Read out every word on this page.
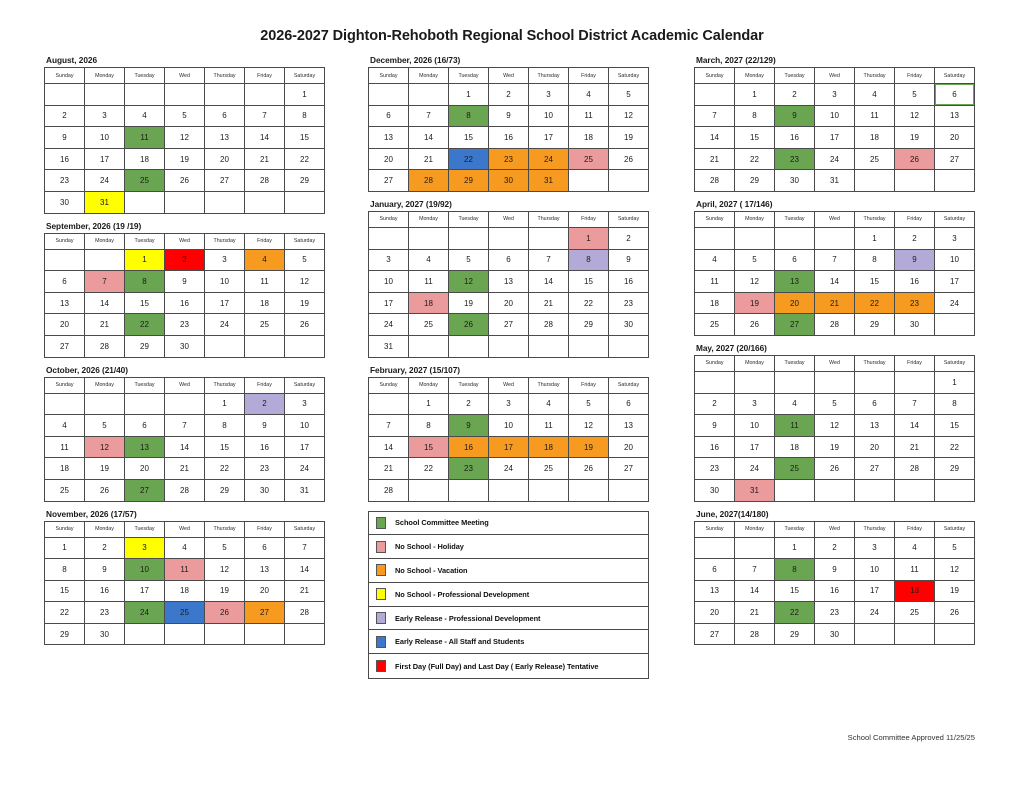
2026-2027 Dighton-Rehoboth Regional School District Academic Calendar
August, 2026
Sunday	Monday	Tuesday	Wed	Thursday	Friday	Saturday
						1
2	3	4	5	6	7	8
9	10	11	12	13	14	15
16	17	18	19	20	21	22
23	24	25	26	27	28	29
30	31					
September, 2026 (19 /19)
Sunday	Monday	Tuesday	Wed	Thursday	Friday	Saturday
		1	2	3	4	5
6	7	8	9	10	11	12
13	14	15	16	17	18	19
20	21	22	23	24	25	26
27	28	29	30			
October, 2026 (21/40)
Sunday	Monday	Tuesday	Wed	Thursday	Friday	Saturday
				1	2	3
4	5	6	7	8	9	10
11	12	13	14	15	16	17
18	19	20	21	22	23	24
25	26	27	28	29	30	31
November, 2026 (17/57)
Sunday	Monday	Tuesday	Wed	Thursday	Friday	Saturday
1	2	3	4	5	6	7
8	9	10	11	12	13	14
15	16	17	18	19	20	21
22	23	24	25	26	27	28
29	30					
December, 2026 (16/73)
Sunday	Monday	Tuesday	Wed	Thursday	Friday	Saturday
		1	2	3	4	5
6	7	8	9	10	11	12
13	14	15	16	17	18	19
20	21	22	23	24	25	26
27	28	29	30	31		
January, 2027 (19/92)
Sunday	Monday	Tuesday	Wed	Thursday	Friday	Saturday
					1	2
3	4	5	6	7	8	9
10	11	12	13	14	15	16
17	18	19	20	21	22	23
24	25	26	27	28	29	30
31						
February, 2027 (15/107)
Sunday	Monday	Tuesday	Wed	Thursday	Friday	Saturday
	1	2	3	4	5	6
7	8	9	10	11	12	13
14	15	16	17	18	19	20
21	22	23	24	25	26	27
28						
School Committee Meeting
No School - Holiday
No School - Vacation
No School - Professional Development
Early Release - Professional Development
Early Release - All Staff and Students
First Day (Full Day) and Last Day ( Early Release) Tentative
March, 2027 (22/129)
Sunday	Monday	Tuesday	Wed	Thursday	Friday	Saturday
	1	2	3	4	5	6
7	8	9	10	11	12	13
14	15	16	17	18	19	20
21	22	23	24	25	26	27
28	29	30	31			
April, 2027 ( 17/146)
Sunday	Monday	Tuesday	Wed	Thursday	Friday	Saturday
				1	2	3
4	5	6	7	8	9	10
11	12	13	14	15	16	17
18	19	20	21	22	23	24
25	26	27	28	29	30	
May, 2027 (20/166)
Sunday	Monday	Tuesday	Wed	Thursday	Friday	Saturday
						1
2	3	4	5	6	7	8
9	10	11	12	13	14	15
16	17	18	19	20	21	22
23	24	25	26	27	28	29
30	31					
June, 2027(14/180)
Sunday	Monday	Tuesday	Wed	Thursday	Friday	Saturday
		1	2	3	4	5
6	7	8	9	10	11	12
13	14	15	16	17	18	19
20	21	22	23	24	25	26
27	28	29	30			
School Committee Approved 11/25/25
